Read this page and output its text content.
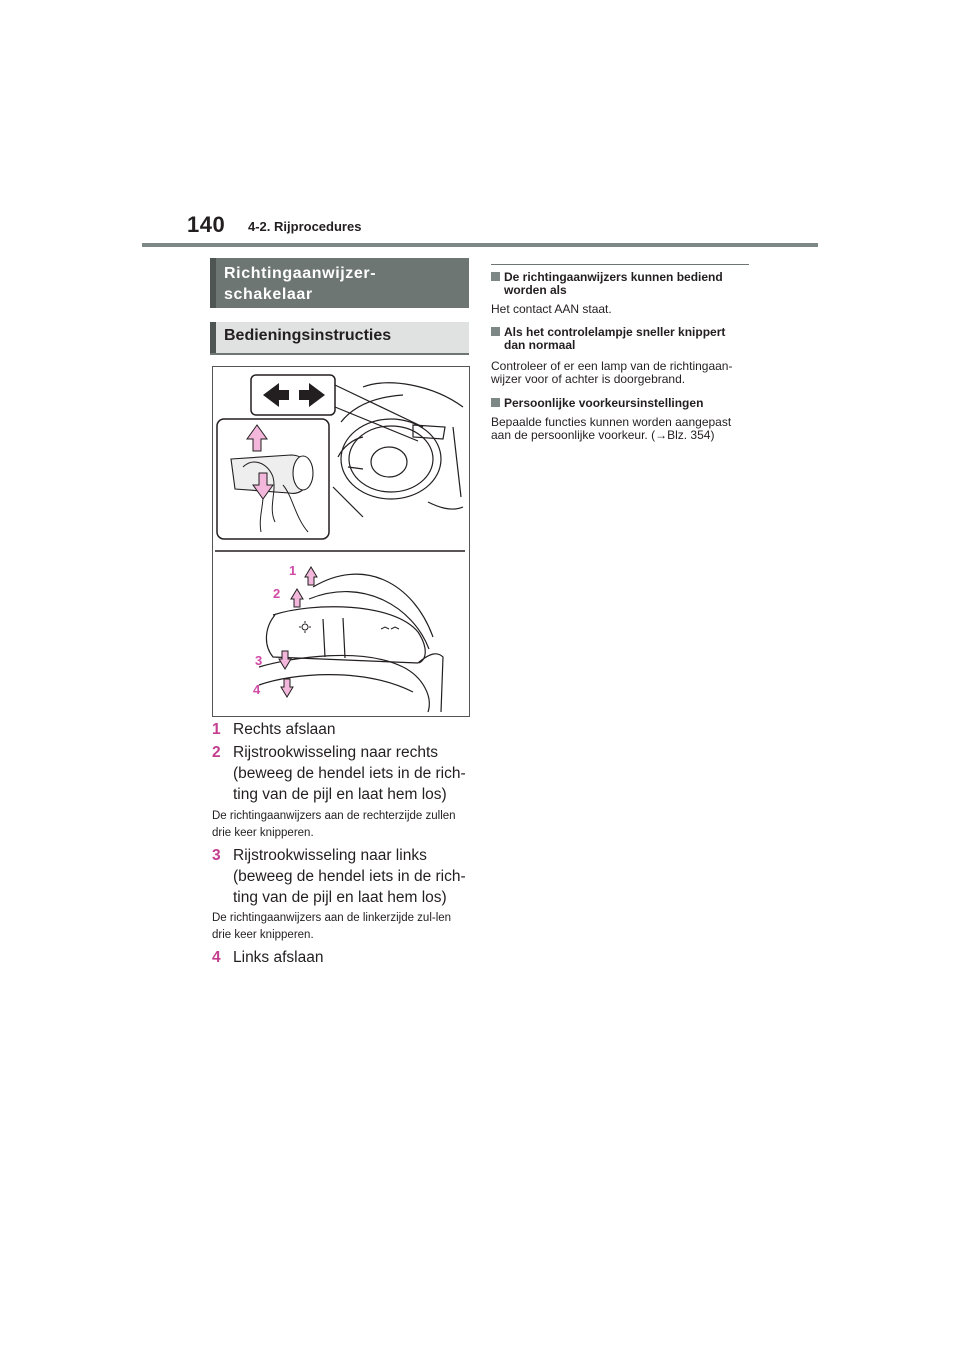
140 4-2. Rijprocedures
Richtingaanwijzer-schakelaar
Bedieningsinstructies
1
2
3
4
1 Rechts afslaan
2 Rijstrookwisseling naar rechts (beweeg de hendel iets in de rich-ting van de pijl en laat hem los)
De richtingaanwijzers aan de rechterzijde zullen drie keer knipperen.
3 Rijstrookwisseling naar links (beweeg de hendel iets in de rich-ting van de pijl en laat hem los)
De richtingaanwijzers aan de linkerzijde zul-len drie keer knipperen.
4 Links afslaan
De richtingaanwijzers kunnen bediend worden als
Het contact AAN staat.
Als het controlelampje sneller knippert dan normaal
Controleer of er een lamp van de richtingaan-wijzer voor of achter is doorgebrand.
Persoonlijke voorkeursinstellingen
Bepaalde functies kunnen worden aangepast aan de persoonlijke voorkeur. (→Blz. 354)
